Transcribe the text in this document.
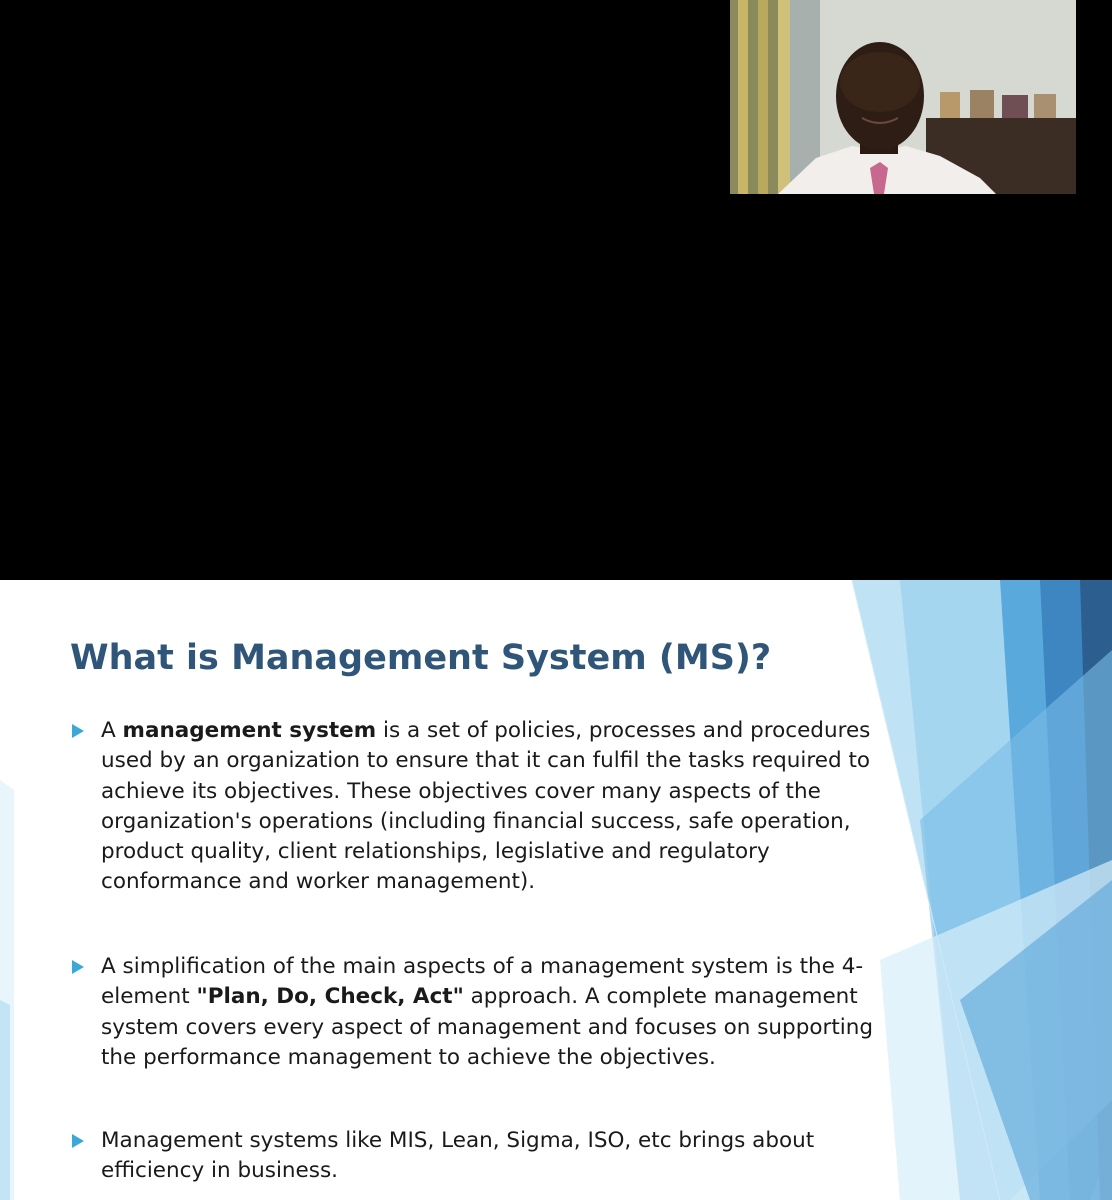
What is Management System (MS)?
A management system is a set of policies, processes and procedures used by an organization to ensure that it can fulfil the tasks required to achieve its objectives. These objectives cover many aspects of the organization's operations (including financial success, safe operation, product quality, client relationships, legislative and regulatory conformance and worker management).
A simplification of the main aspects of a management system is the 4-element "Plan, Do, Check, Act" approach. A complete management system covers every aspect of management and focuses on supporting the performance management to achieve the objectives.
Management systems like MIS, Lean, Sigma, ISO, etc brings about efficiency in business.
